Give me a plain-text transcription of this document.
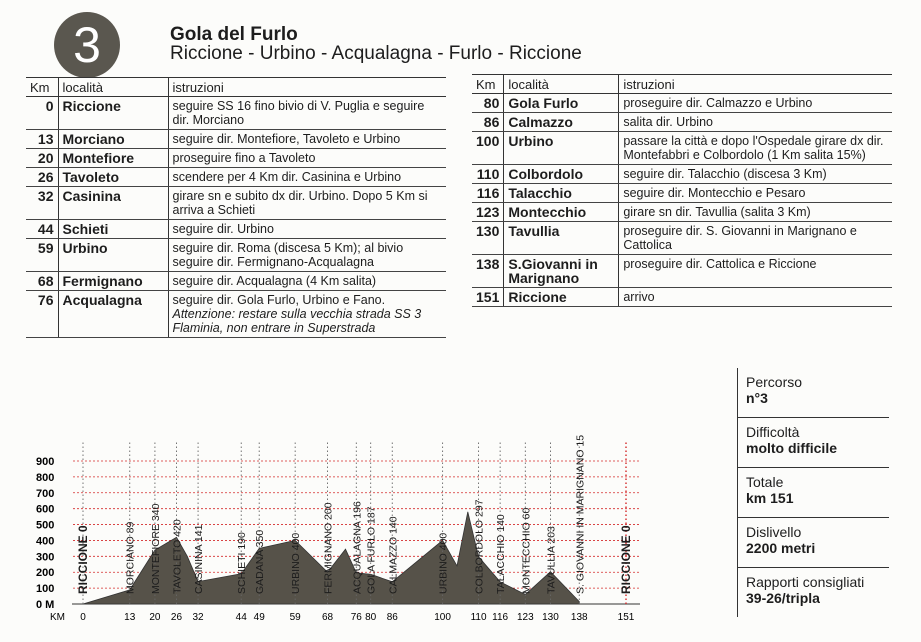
3	Gola del Furlo
Riccione - Urbino - Acqualagna - Furlo - Riccione
Km	località	istruzioni
0	Riccione	seguire SS 16 fino bivio di V. Puglia e seguire dir. Morciano
13	Morciano	seguire dir. Montefiore, Tavoleto e Urbino
20	Montefiore	proseguire fino a Tavoleto
26	Tavoleto	scendere per 4 Km dir. Casinina e Urbino
32	Casinina	girare sn e subito dx dir. Urbino. Dopo 5 Km si arriva a Schieti
44	Schieti	seguire dir. Urbino
59	Urbino	seguire dir. Roma (discesa 5 Km); al bivio seguire dir. Fermignano-Acqualagna
68	Fermignano	seguire dir. Acqualagna (4 Km salita)
76	Acqualagna	seguire dir. Gola Furlo, Urbino e Fano.
Attenzione: restare sulla vecchia strada SS 3 Flaminia, non entrare in Superstrada
Km	località	istruzioni
80	Gola Furlo	proseguire dir. Calmazzo e Urbino
86	Calmazzo	salita dir. Urbino
100	Urbino	passare la città e dopo l'Ospedale girare dx dir. Montefabbri e Colbordolo (1 Km salita 15%)
110	Colbordolo	seguire dir. Talacchio (discesa 3 Km)
116	Talacchio	seguire dir. Montecchio e Pesaro
123	Montecchio	girare sn dir. Tavullia (salita 3 Km)
130	Tavullia	proseguire dir. S. Giovanni in Marignano e Cattolica
138	S.Giovanni in Marignano	proseguire dir. Cattolica e Riccione
151	Riccione	arrivo
Percorso
n°3
Difficoltà
molto difficile
Totale
km 151
Dislivello
2200 metri
Rapporti consigliati
39-26/tripla
0 M
100
200
300
400
500
600
700
800
900
KM 0	13 20 26 32	44 49 59 68 76 80 86	100 110 116 123 130 138	151
RICCIONE 0	MORCIANO 89 MONTEFIORE 340 TAVOLETO 420 CASININA 141	SCHIETI 190 GADANA 350 URBINO 400 FERMIGNANO 200 ACQUALAGNA 196 GOLA FURLO 187 CALMAZZO 140	URBINO 400 COLBORDOLO 297 TALACCHIO 140 MONTECCHIO 60 TAVULLIA 203 S. GIOVANNI IN MARIGNANO 15	RICCIONE 0
